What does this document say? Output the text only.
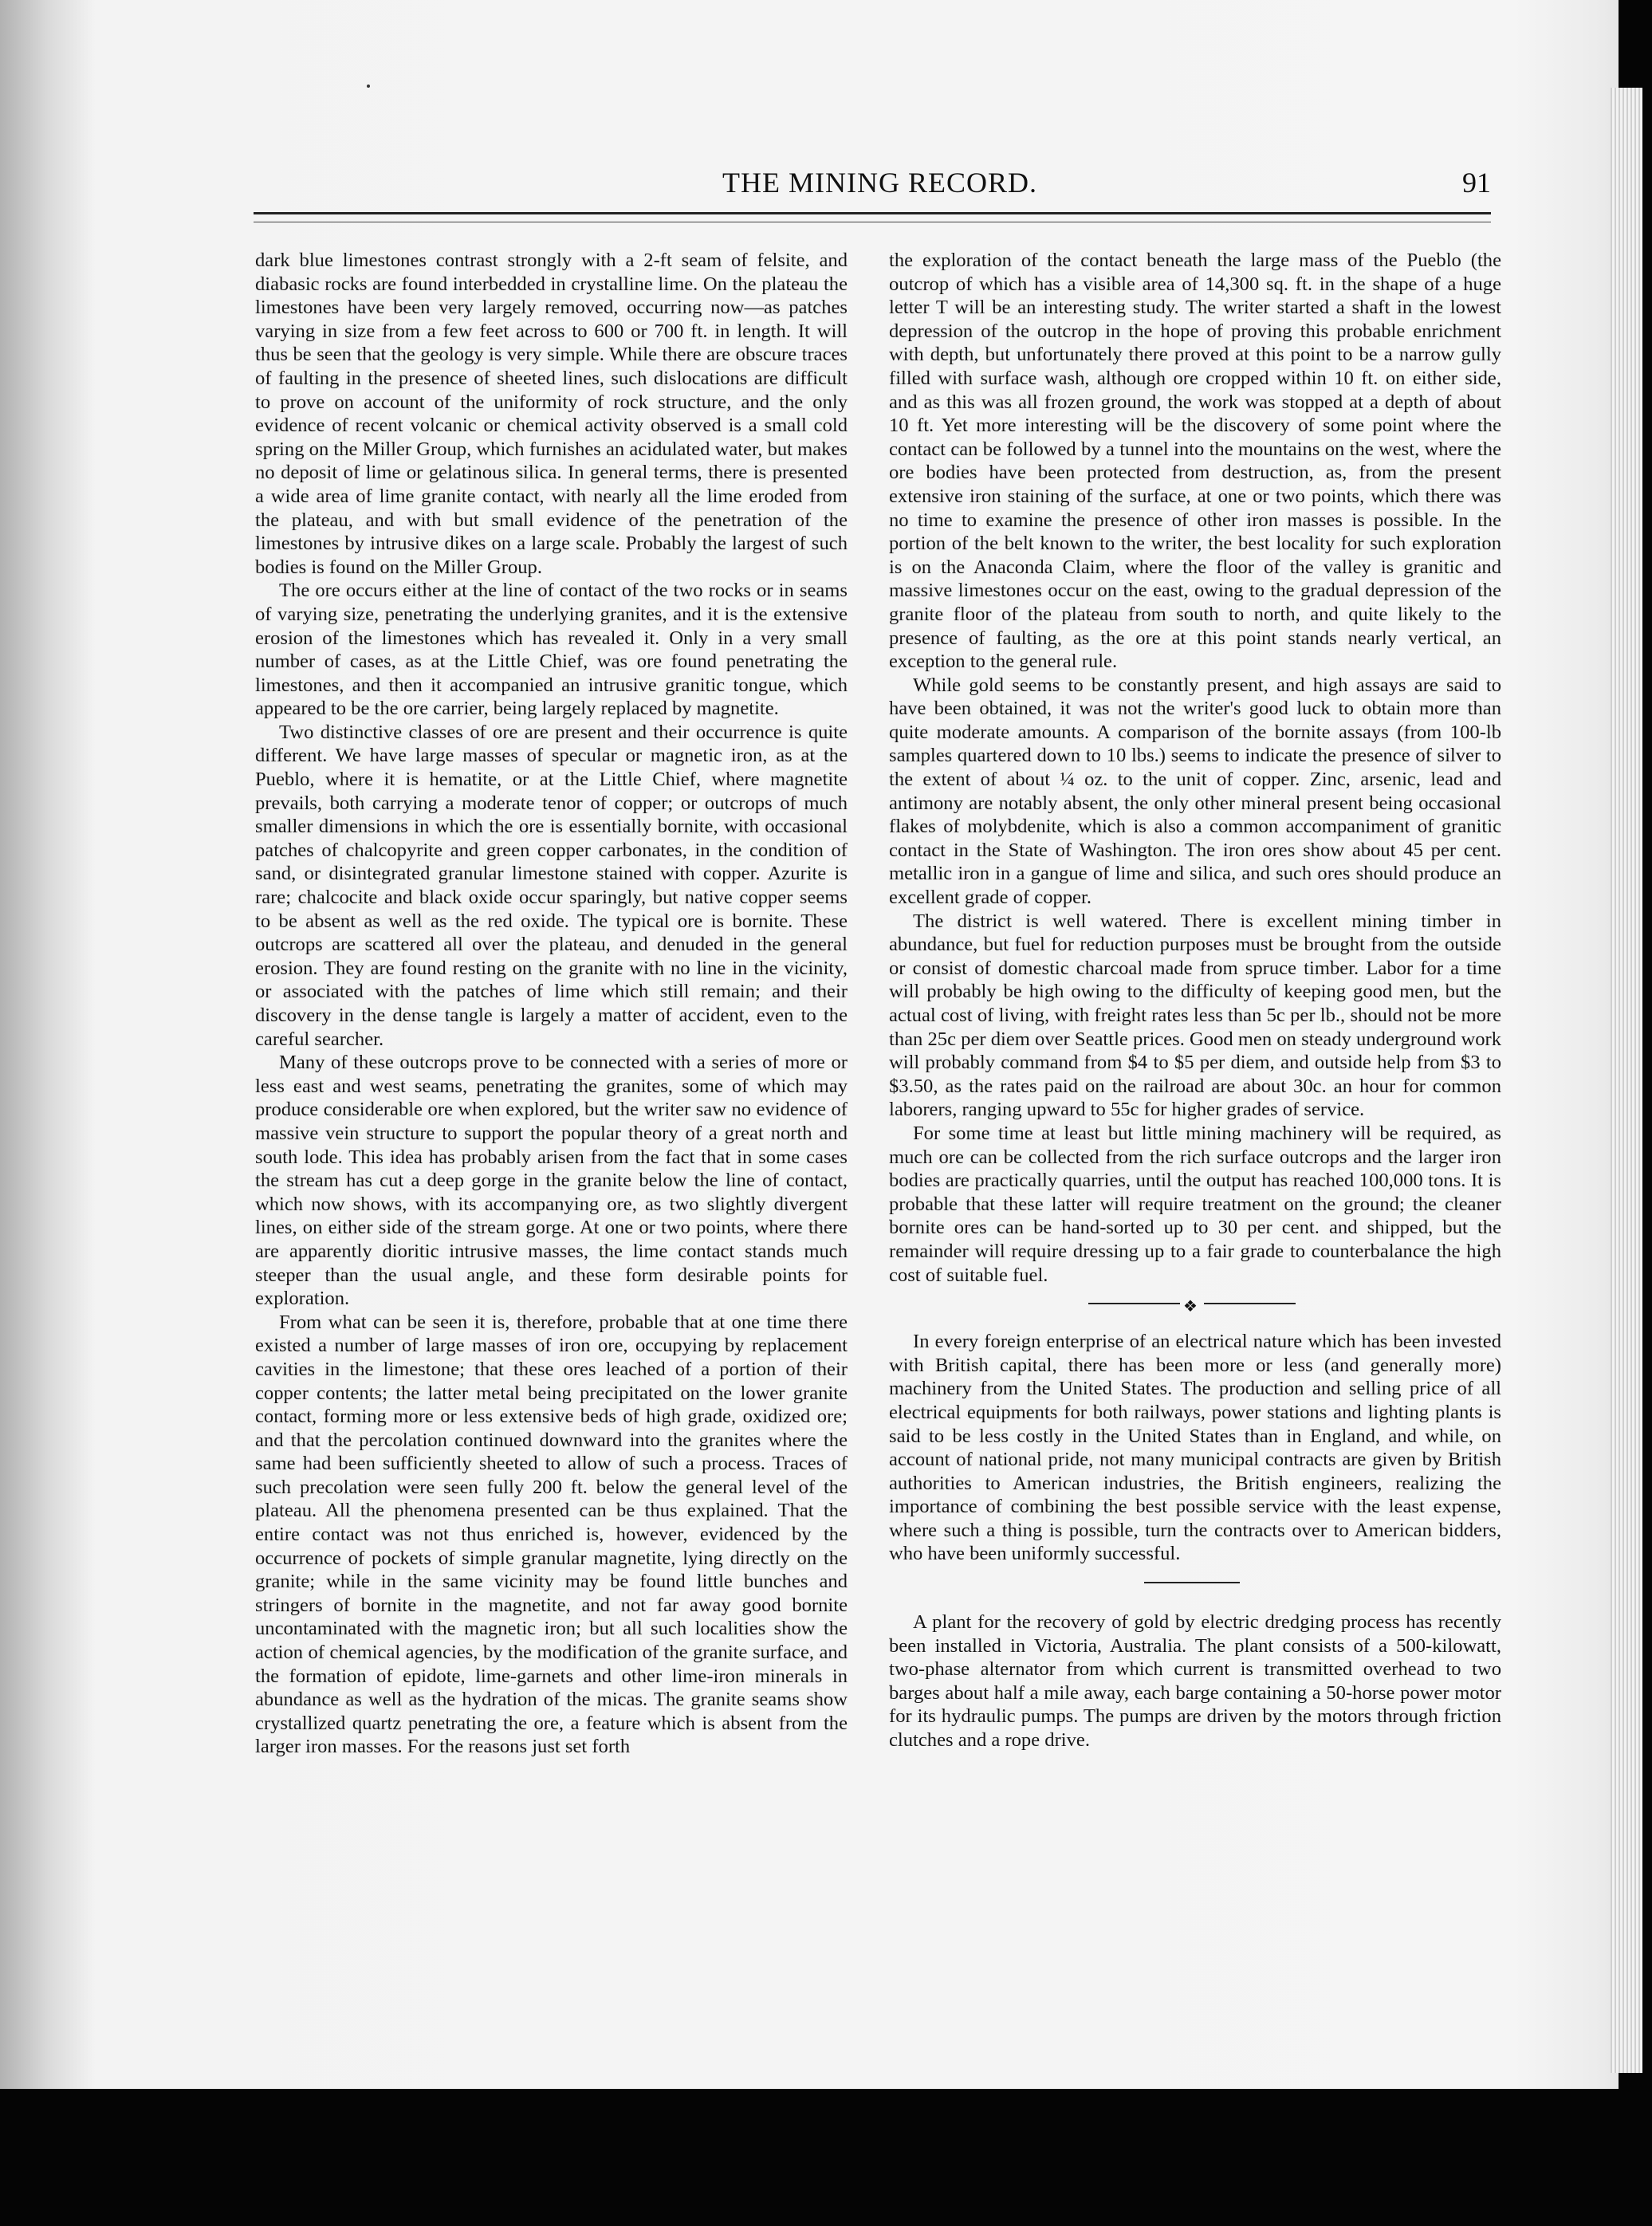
THE MINING RECORD.	91

dark blue limestones contrast strongly with a 2-ft seam of felsite, and diabasic rocks are found interbedded in crystalline lime. On the plateau the limestones have been very largely removed, occurring now—as patches varying in size from a few feet across to 600 or 700 ft. in length. It will thus be seen that the geology is very simple. While there are obscure traces of faulting in the presence of sheeted lines, such dislocations are difficult to prove on account of the uniformity of rock structure, and the only evidence of recent volcanic or chemical activity observed is a small cold spring on the Miller Group, which furnishes an acidulated water, but makes no deposit of lime or gelatinous silica. In general terms, there is presented a wide area of lime granite contact, with nearly all the lime eroded from the plateau, and with but small evidence of the penetration of the limestones by intrusive dikes on a large scale. Probably the largest of such bodies is found on the Miller Group.

The ore occurs either at the line of contact of the two rocks or in seams of varying size, penetrating the underlying granites, and it is the extensive erosion of the limestones which has revealed it. Only in a very small number of cases, as at the Little Chief, was ore found penetrating the limestones, and then it accompanied an intrusive granitic tongue, which appeared to be the ore carrier, being largely replaced by magnetite.

Two distinctive classes of ore are present and their occurrence is quite different. We have large masses of specular or magnetic iron, as at the Pueblo, where it is hematite, or at the Little Chief, where magnetite prevails, both carrying a moderate tenor of copper; or outcrops of much smaller dimensions in which the ore is essentially bornite, with occasional patches of chalcopyrite and green copper carbonates, in the condition of sand, or disintegrated granular limestone stained with copper. Azurite is rare; chalcocite and black oxide occur sparingly, but native copper seems to be absent as well as the red oxide. The typical ore is bornite. These outcrops are scattered all over the plateau, and denuded in the general erosion. They are found resting on the granite with no line in the vicinity, or associated with the patches of lime which still remain; and their discovery in the dense tangle is largely a matter of accident, even to the careful searcher.

Many of these outcrops prove to be connected with a series of more or less east and west seams, penetrating the granites, some of which may produce considerable ore when explored, but the writer saw no evidence of massive vein structure to support the popular theory of a great north and south lode. This idea has probably arisen from the fact that in some cases the stream has cut a deep gorge in the granite below the line of contact, which now shows, with its accompanying ore, as two slightly divergent lines, on either side of the stream gorge. At one or two points, where there are apparently dioritic intrusive masses, the lime contact stands much steeper than the usual angle, and these form desirable points for exploration.

From what can be seen it is, therefore, probable that at one time there existed a number of large masses of iron ore, occupying by replacement cavities in the limestone; that these ores leached of a portion of their copper contents; the latter metal being precipitated on the lower granite contact, forming more or less extensive beds of high grade, oxidized ore; and that the percolation continued downward into the granites where the same had been sufficiently sheeted to allow of such a process. Traces of such precolation were seen fully 200 ft. below the general level of the plateau. All the phenomena presented can be thus explained. That the entire contact was not thus enriched is, however, evidenced by the occurrence of pockets of simple granular magnetite, lying directly on the granite; while in the same vicinity may be found little bunches and stringers of bornite in the magnetite, and not far away good bornite uncontaminated with the magnetic iron; but all such localities show the action of chemical agencies, by the modification of the granite surface, and the formation of epidote, lime-garnets and other lime-iron minerals in abundance as well as the hydration of the micas. The granite seams show crystallized quartz penetrating the ore, a feature which is absent from the larger iron masses. For the reasons just set forth

the exploration of the contact beneath the large mass of the Pueblo (the outcrop of which has a visible area of 14,300 sq. ft. in the shape of a huge letter T will be an interesting study. The writer started a shaft in the lowest depression of the outcrop in the hope of proving this probable enrichment with depth, but unfortunately there proved at this point to be a narrow gully filled with surface wash, although ore cropped within 10 ft. on either side, and as this was all frozen ground, the work was stopped at a depth of about 10 ft. Yet more interesting will be the discovery of some point where the contact can be followed by a tunnel into the mountains on the west, where the ore bodies have been protected from destruction, as, from the present extensive iron staining of the surface, at one or two points, which there was no time to examine the presence of other iron masses is possible. In the portion of the belt known to the writer, the best locality for such exploration is on the Anaconda Claim, where the floor of the valley is granitic and massive limestones occur on the east, owing to the gradual depression of the granite floor of the plateau from south to north, and quite likely to the presence of faulting, as the ore at this point stands nearly vertical, an exception to the general rule.

While gold seems to be constantly present, and high assays are said to have been obtained, it was not the writer's good luck to obtain more than quite moderate amounts. A comparison of the bornite assays (from 100-lb samples quartered down to 10 lbs.) seems to indicate the presence of silver to the extent of about ¼ oz. to the unit of copper. Zinc, arsenic, lead and antimony are notably absent, the only other mineral present being occasional flakes of molybdenite, which is also a common accompaniment of granitic contact in the State of Washington. The iron ores show about 45 per cent. metallic iron in a gangue of lime and silica, and such ores should produce an excellent grade of copper.

The district is well watered. There is excellent mining timber in abundance, but fuel for reduction purposes must be brought from the outside or consist of domestic charcoal made from spruce timber. Labor for a time will probably be high owing to the difficulty of keeping good men, but the actual cost of living, with freight rates less than 5c per lb., should not be more than 25c per diem over Seattle prices. Good men on steady underground work will probably command from $4 to $5 per diem, and outside help from $3 to $3.50, as the rates paid on the railroad are about 30c. an hour for common laborers, ranging upward to 55c for higher grades of service.

For some time at least but little mining machinery will be required, as much ore can be collected from the rich surface outcrops and the larger iron bodies are practically quarries, until the output has reached 100,000 tons. It is probable that these latter will require treatment on the ground; the cleaner bornite ores can be hand-sorted up to 30 per cent. and shipped, but the remainder will require dressing up to a fair grade to counterbalance the high cost of suitable fuel.

❖

In every foreign enterprise of an electrical nature which has been invested with British capital, there has been more or less (and generally more) machinery from the United States. The production and selling price of all electrical equipments for both railways, power stations and lighting plants is said to be less costly in the United States than in England, and while, on account of national pride, not many municipal contracts are given by British authorities to American industries, the British engineers, realizing the importance of combining the best possible service with the least expense, where such a thing is possible, turn the contracts over to American bidders, who have been uniformly successful.

A plant for the recovery of gold by electric dredging process has recently been installed in Victoria, Australia. The plant consists of a 500-kilowatt, two-phase alternator from which current is transmitted overhead to two barges about half a mile away, each barge containing a 50-horse power motor for its hydraulic pumps. The pumps are driven by the motors through friction clutches and a rope drive.
